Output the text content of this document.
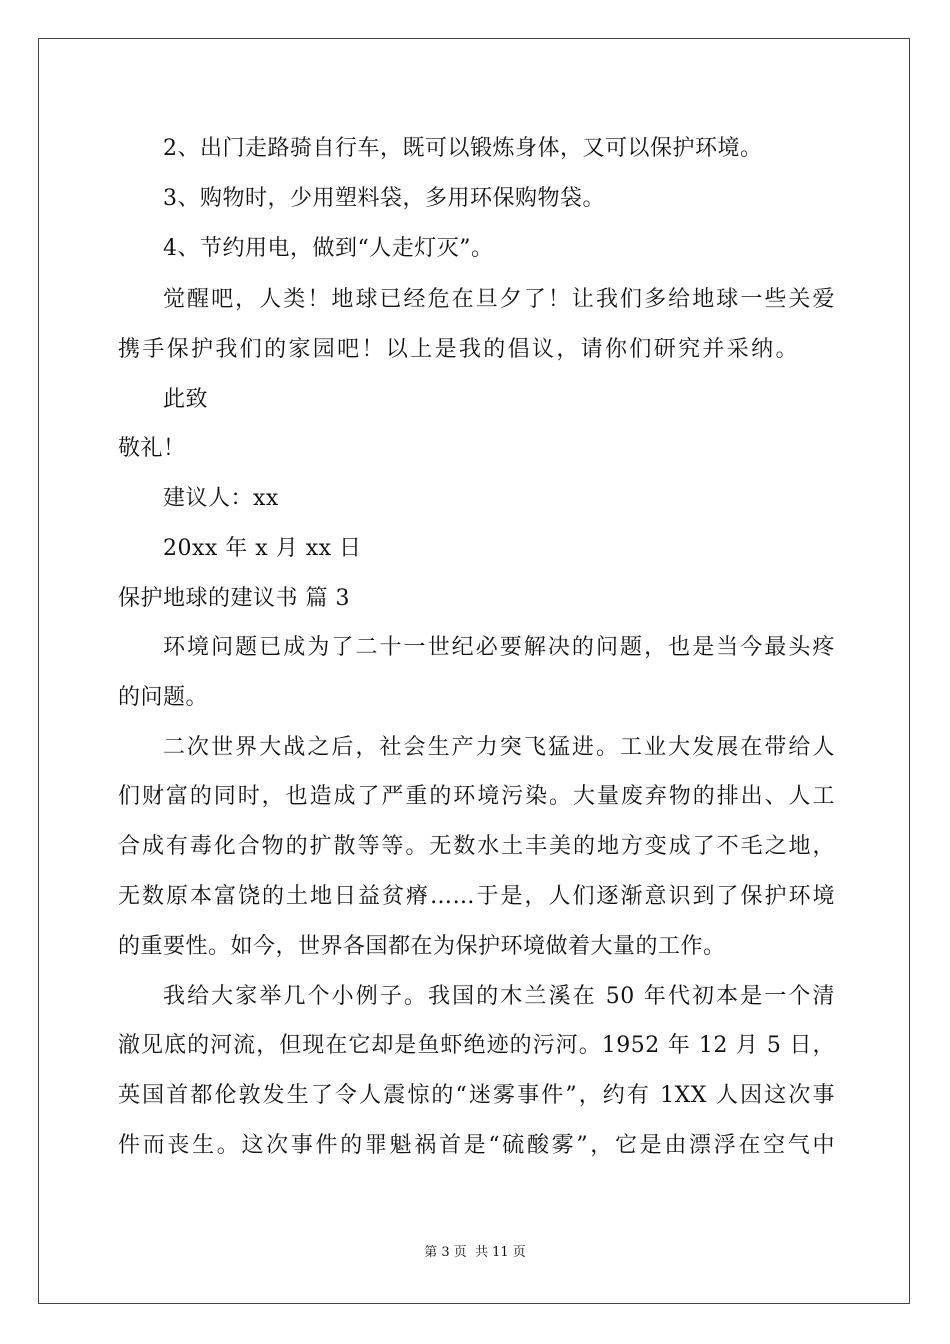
2、出门走路骑自行车，既可以锻炼身体，又可以保护环境。
3、购物时，少用塑料袋，多用环保购物袋。
4、节约用电，做到“人走灯灭”。
觉醒吧，人类！地球已经危在旦夕了！让我们多给地球一些关爱
携手保护我们的家园吧！以上是我的倡议，请你们研究并采纳。
此致
敬礼！
建议人：xx
20xx 年 x 月 xx 日
保护地球的建议书 篇 3
环境问题已成为了二十一世纪必要解决的问题，也是当今最头疼
的问题。
二次世界大战之后，社会生产力突飞猛进。工业大发展在带给人
们财富的同时，也造成了严重的环境污染。大量废弃物的排出、人工
合成有毒化合物的扩散等等。无数水土丰美的地方变成了不毛之地，
无数原本富饶的土地日益贫瘠……于是，人们逐渐意识到了保护环境
的重要性。如今，世界各国都在为保护环境做着大量的工作。
我给大家举几个小例子。我国的木兰溪在 50 年代初本是一个清
澈见底的河流，但现在它却是鱼虾绝迹的污河。1952 年 12 月 5 日，
英国首都伦敦发生了令人震惊的“迷雾事件”，约有 1XX 人因这次事
件而丧生。这次事件的罪魁祸首是“硫酸雾”，它是由漂浮在空气中
第 3 页 共 11 页
